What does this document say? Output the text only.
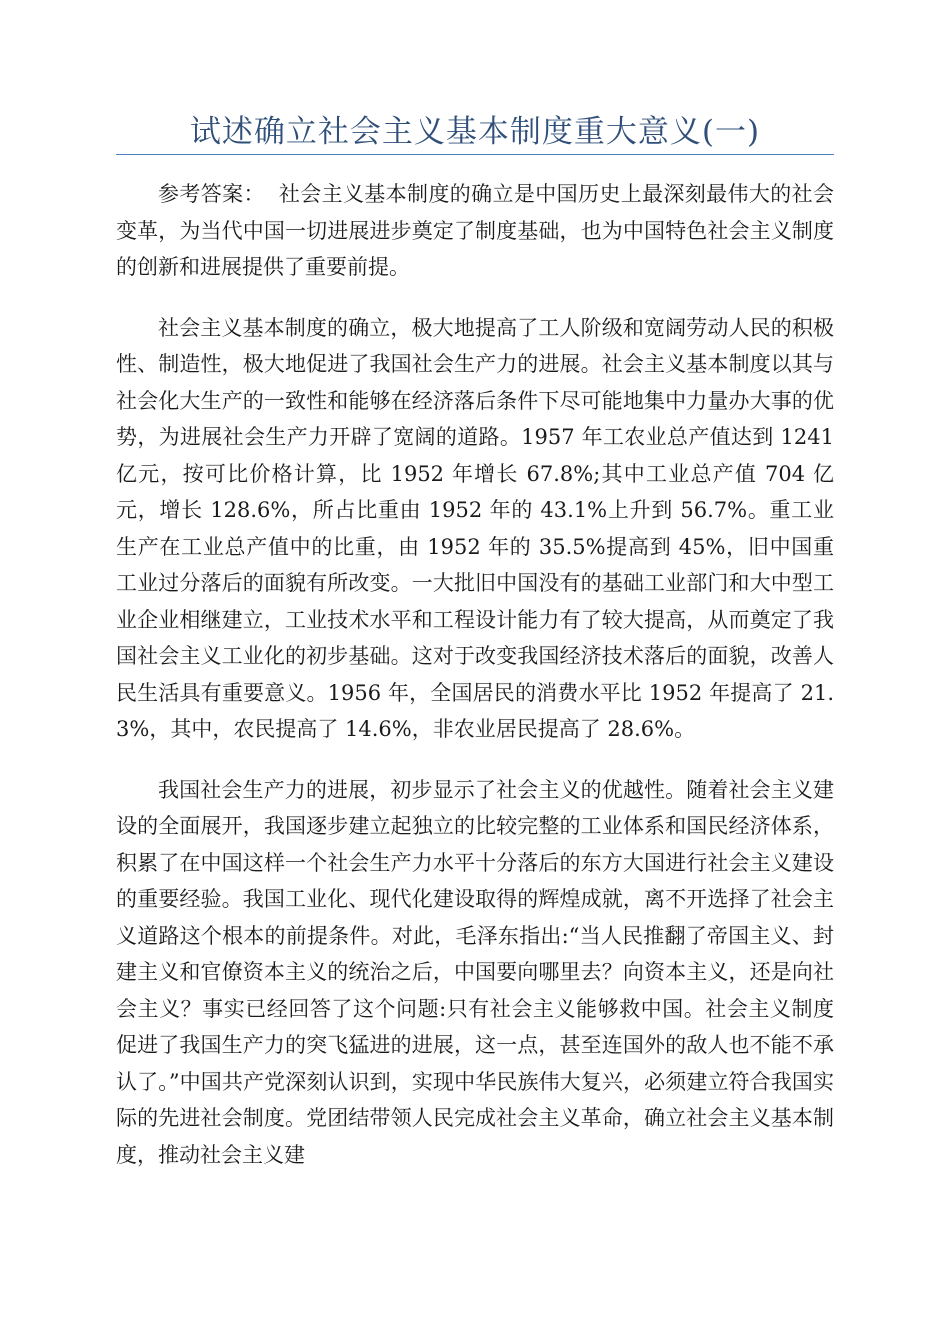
试述确立社会主义基本制度重大意义(一)

参考答案： 社会主义基本制度的确立是中国历史上最深刻最伟大的社会变革，为当代中国一切进展进步奠定了制度基础，也为中国特色社会主义制度的创新和进展提供了重要前提。

社会主义基本制度的确立，极大地提高了工人阶级和宽阔劳动人民的积极性、制造性，极大地促进了我国社会生产力的进展。社会主义基本制度以其与社会化大生产的一致性和能够在经济落后条件下尽可能地集中力量办大事的优势，为进展社会生产力开辟了宽阔的道路。1957 年工农业总产值达到 1241 亿元，按可比价格计算，比 1952 年增长 67.8%;其中工业总产值 704 亿元，增长 128.6%，所占比重由 1952 年的 43.1%上升到 56.7%。重工业生产在工业总产值中的比重，由 1952 年的 35.5%提高到 45%，旧中国重工业过分落后的面貌有所改变。一大批旧中国没有的基础工业部门和大中型工业企业相继建立，工业技术水平和工程设计能力有了较大提高，从而奠定了我国社会主义工业化的初步基础。这对于改变我国经济技术落后的面貌，改善人民生活具有重要意义。1956 年，全国居民的消费水平比 1952 年提高了 21.3%，其中，农民提高了 14.6%，非农业居民提高了 28.6%。

我国社会生产力的进展，初步显示了社会主义的优越性。随着社会主义建设的全面展开，我国逐步建立起独立的比较完整的工业体系和国民经济体系，积累了在中国这样一个社会生产力水平十分落后的东方大国进行社会主义建设的重要经验。我国工业化、现代化建设取得的辉煌成就，离不开选择了社会主义道路这个根本的前提条件。对此，毛泽东指出:“当人民推翻了帝国主义、封建主义和官僚资本主义的统治之后，中国要向哪里去？向资本主义，还是向社会主义？事实已经回答了这个问题:只有社会主义能够救中国。社会主义制度促进了我国生产力的突飞猛进的进展，这一点，甚至连国外的敌人也不能不承认了。”中国共产党深刻认识到，实现中华民族伟大复兴，必须建立符合我国实际的先进社会制度。党团结带领人民完成社会主义革命，确立社会主义基本制度，推动社会主义建
